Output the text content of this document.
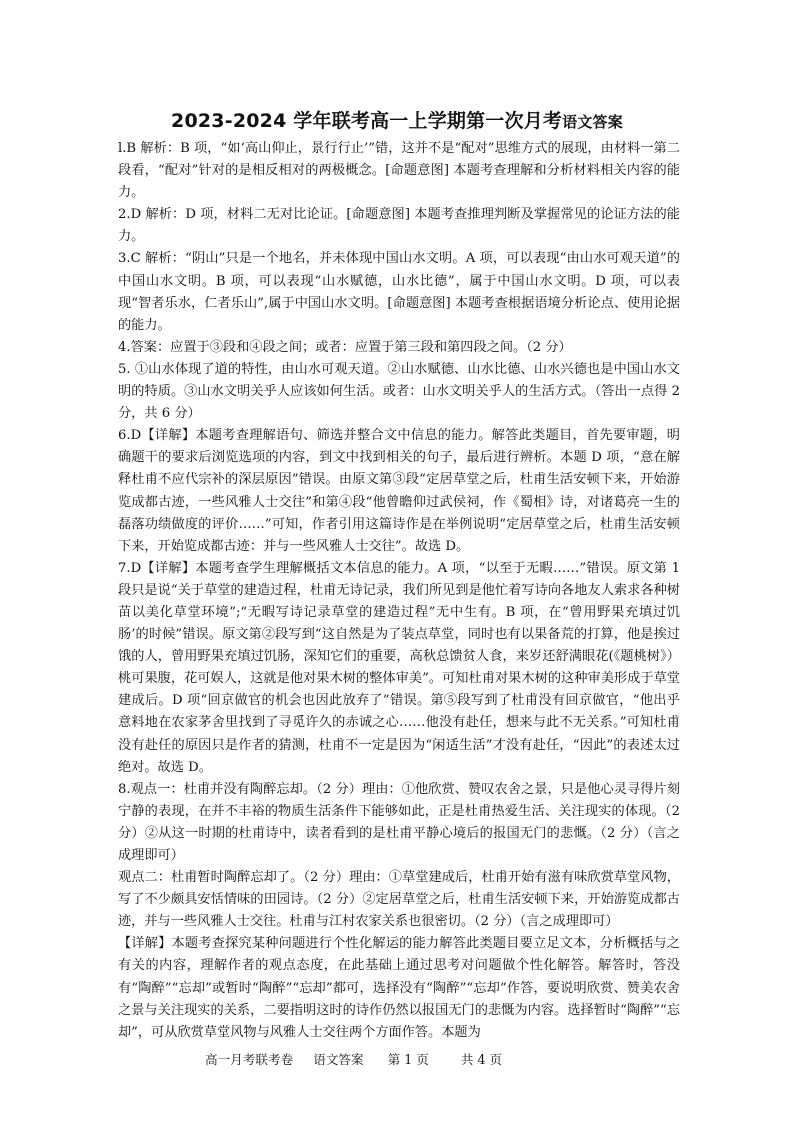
2023-2024 学年联考高一上学期第一次月考语文答案

l.B 解析：B 项，“如‘高山仰止，景行行止’”错，这并不是“配对”思维方式的展现，由材料一第二段看，“配对”针对的是相反相对的两极概念。[命题意图] 本题考查理解和分析材料相关内容的能力。

2.D 解析：D 项，材料二无对比论证。[命题意图] 本题考查推理判断及掌握常见的论证方法的能力。

3.C 解析：“阴山”只是一个地名，并未体现中国山水文明。A 项，可以表现“由山水可观天道”的中国山水文明。B 项，可以表现“山水赋德，山水比德”，属于中国山水文明。D 项，可以表现“智者乐水，仁者乐山”,属于中国山水文明。[命题意图] 本题考查根据语境分析论点、使用论据的能力。

4.答案：应置于③段和④段之间；或者：应置于第三段和第四段之间。（2 分）

5. ①山水体现了道的特性，由山水可观天道。②山水赋德、山水比德、山水兴德也是中国山水文明的特质。③山水文明关乎人应该如何生活。或者：山水文明关乎人的生活方式。（答出一点得 2 分，共 6 分）

6.D【详解】本题考查理解语句、筛选并整合文中信息的能力。解答此类题目，首先要审题，明确题干的要求后浏览选项的内容，到文中找到相关的句子，最后进行辨析。本题 D 项，“意在解释杜甫不应代宗补的深层原因”错误。由原文第③段“定居草堂之后，杜甫生活安顿下来，开始游览成都古迹，一些风雅人士交往”和第④段“他曾瞻仰过武侯祠，作《蜀相》诗，对诸葛亮一生的磊落功绩做度的评价……”可知，作者引用这篇诗作是在举例说明“定居草堂之后，杜甫生活安顿下来，开始览成都古迹：并与一些风雅人士交往”。故选 D。

7.D【详解】本题考查学生理解概括文本信息的能力。A 项，“以至于无暇……”错误。原文第 1 段只是说“关于草堂的建造过程，杜甫无诗记录，我们所见到是他忙着写诗向各地友人索求各种树苗以美化草堂环境”;“无暇写诗记录草堂的建造过程”无中生有。B 项，在“曾用野果充填过饥肠’的时候”错误。原文第②段写到“这自然是为了装点草堂，同时也有以果备荒的打算，他是挨过饿的人，曾用野果充填过饥肠，深知它们的重要，高秋总馈贫人食，来岁还舒满眼花(《题桃树》） 桃可果腹，花可娱人，这就是他对果木树的整体审美”。可知杜甫对果木树的这种审美形成于草堂建成后。D 项“回京做官的机会也因此放弃了”错误。第⑤段写到了杜甫没有回京做官，“他出乎意料地在农家茅舍里找到了寻觅许久的赤诚之心……他没有赴任，想来与此不无关系。”可知杜甫没有赴任的原因只是作者的猜测，杜甫不一定是因为“闲适生活”才没有赴任，“因此”的表述太过绝对。故选 D。

8.观点一：杜甫并没有陶醉忘却。（2 分）理由：①他欣赏、赞叹农舍之景，只是他心灵寻得片刻宁静的表现，在并不丰裕的物质生活条件下能够如此，正是杜甫热爱生活、关注现实的体现。（2 分）②从这一时期的杜甫诗中，读者看到的是杜甫平静心境后的报国无门的悲慨。（2 分）（言之成理即可）

观点二：杜甫暂时陶醉忘却了。（2 分）理由：①草堂建成后，杜甫开始有滋有味欣赏草堂风物，写了不少颇具安恬情味的田园诗。（2 分）②定居草堂之后，杜甫生活安顿下来，开始游览成都古迹，并与一些风雅人士交往。杜甫与江村农家关系也很密切。（2 分）（言之成理即可）

【详解】本题考查探究某种问题进行个性化解运的能力解答此类题目要立足文本，分析概括与之有关的内容，理解作者的观点态度，在此基础上通过思考对问题做个性化解答。解答时，答没有“陶醉”“忘却”或暂时“陶醉”“忘却”都可，选择没有“陶醉”“忘却”作答，要说明欣赏、赞美农舍之景与关注现实的关系，二要指明这时的诗作仍然以报国无门的悲慨为内容。选择暂时“陶醉”“忘却”，可从欣赏草堂风物与风雅人士交往两个方面作答。本题为

高一月考联考卷 语文答案 第 1 页	共 4 页
